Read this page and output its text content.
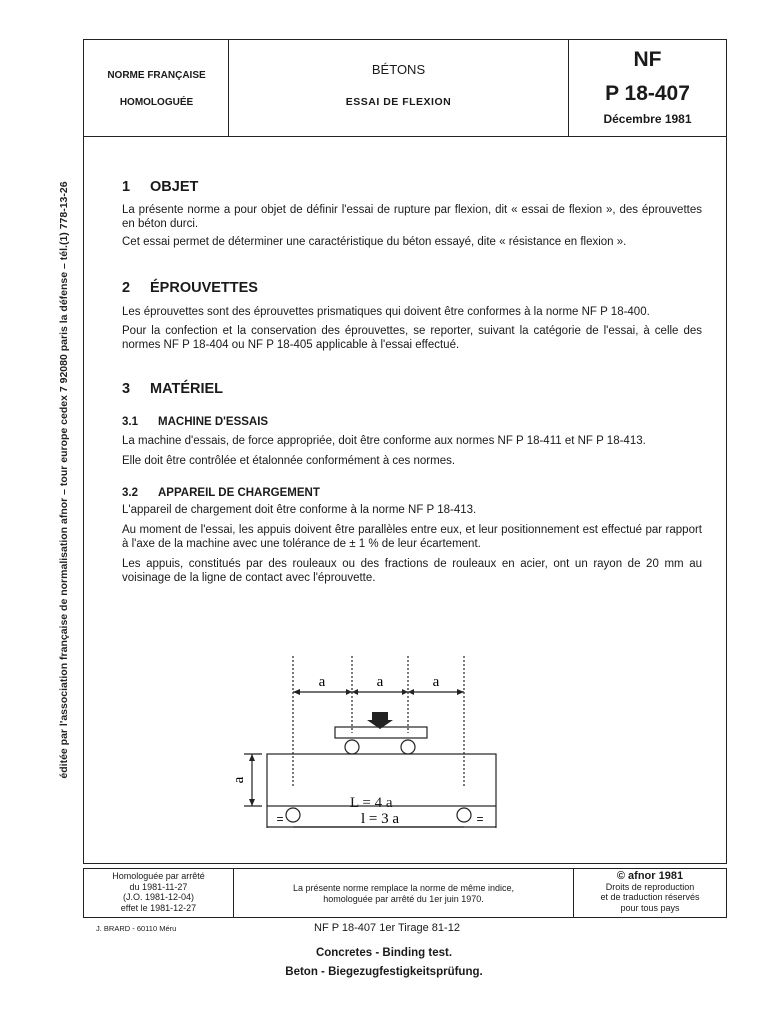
éditée par l'association française de normalisation afnor – tour europe cedex 7 92080 paris la défense – tél.(1) 778-13-26
NORME FRANÇAISE
HOMOLOGUÉE
BÉTONS
ESSAI DE FLEXION
NF
P 18-407
Décembre 1981
1 OBJET

La présente norme a pour objet de définir l'essai de rupture par flexion, dit « essai de flexion », des éprouvettes en béton durci.

Cet essai permet de déterminer une caractéristique du béton essayé, dite « résistance en flexion ».

2 ÉPROUVETTES

Les éprouvettes sont des éprouvettes prismatiques qui doivent être conformes à la norme NF P 18-400.

Pour la confection et la conservation des éprouvettes, se reporter, suivant la catégorie de l'essai, à celle des normes NF P 18-404 ou NF P 18-405 applicable à l'essai effectué.

3 MATÉRIEL
3.1 MACHINE D'ESSAIS

La machine d'essais, de force appropriée, doit être conforme aux normes NF P 18-411 et NF P 18-413.

Elle doit être contrôlée et étalonnée conformément à ces normes.

3.2 APPAREIL DE CHARGEMENT

L'appareil de chargement doit être conforme à la norme NF P 18-413.

Au moment de l'essai, les appuis doivent être parallèles entre eux, et leur positionnement est effectué par rapport à l'axe de la machine avec une tolérance de ± 1 % de leur écartement.

Les appuis, constitués par des rouleaux ou des fractions de rouleaux en acier, ont un rayon de 20 mm au voisinage de la ligne de contact avec l'éprouvette.

a	a	a
a
l = 3 a
=	=
L = 4 a
Homologuée par arrêté
du 1981-11-27
(J.O. 1981-12-04)
effet le 1981-12-27
La présente norme remplace la norme de même indice,
homologuée par arrêté du 1er juin 1970.
© afnor 1981
Droits de reproduction
et de traduction réservés
pour tous pays
J. BRARD - 60110 Méru	NF P 18-407 1er Tirage 81-12
Concretes - Binding test.
Beton - Biegezugfestigkeitsprüfung.
